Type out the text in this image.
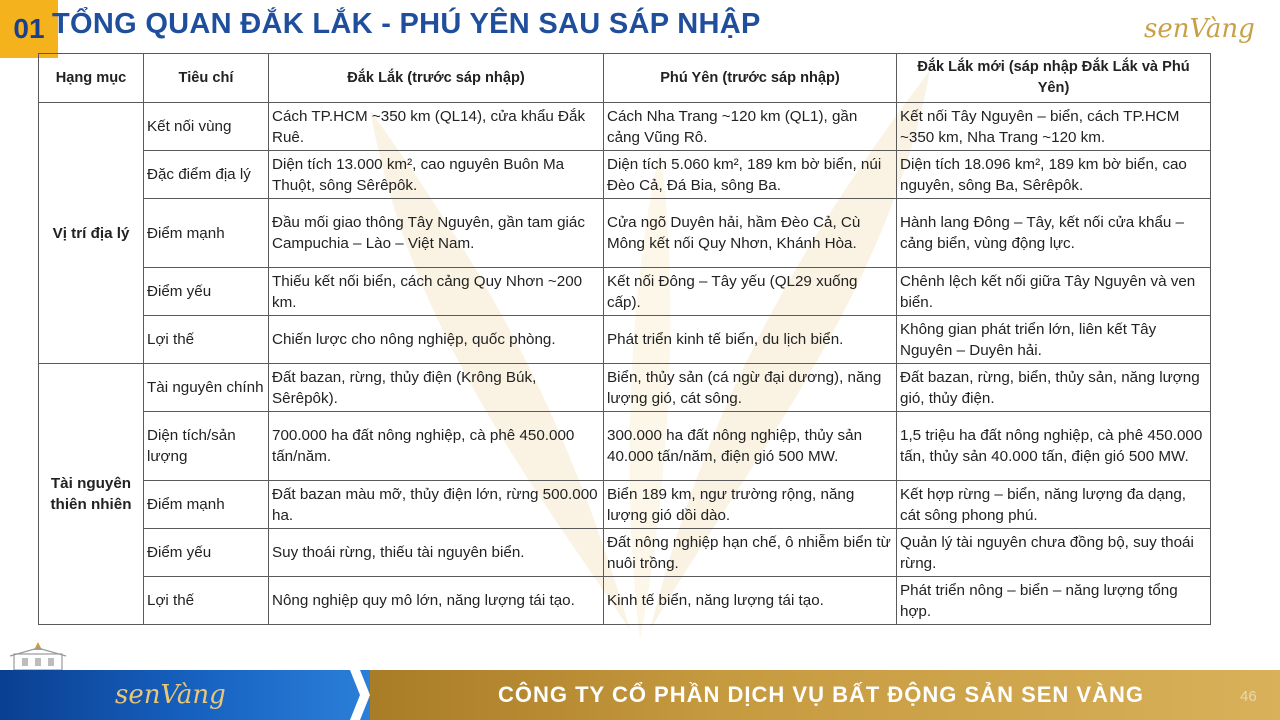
01 TỔNG QUAN ĐẮK LẮK - PHÚ YÊN SAU SÁP NHẬP	senVàng
Hạng mục	Tiêu chí	Đắk Lắk (trước sáp nhập)	Phú Yên (trước sáp nhập)	Đắk Lắk mới (sáp nhập Đắk Lắk và Phú Yên)
Vị trí địa lý	Kết nối vùng	Cách TP.HCM ~350 km (QL14), cửa khẩu Đắk Ruê.	Cách Nha Trang ~120 km (QL1), gần cảng Vũng Rô.	Kết nối Tây Nguyên – biển, cách TP.HCM ~350 km, Nha Trang ~120 km.
	Đặc điểm địa lý	Diện tích 13.000 km², cao nguyên Buôn Ma Thuột, sông Sêrêpôk.	Diện tích 5.060 km², 189 km bờ biển, núi Đèo Cả, Đá Bia, sông Ba.	Diện tích 18.096 km², 189 km bờ biển, cao nguyên, sông Ba, Sêrêpôk.
	Điểm mạnh	Đầu mối giao thông Tây Nguyên, gần tam giác Campuchia – Lào – Việt Nam.	Cửa ngõ Duyên hải, hầm Đèo Cả, Cù Mông kết nối Quy Nhơn, Khánh Hòa.	Hành lang Đông – Tây, kết nối cửa khẩu – cảng biển, vùng động lực.
	Điểm yếu	Thiếu kết nối biển, cách cảng Quy Nhơn ~200 km.	Kết nối Đông – Tây yếu (QL29 xuống cấp).	Chênh lệch kết nối giữa Tây Nguyên và ven biển.
	Lợi thế	Chiến lược cho nông nghiệp, quốc phòng.	Phát triển kinh tế biển, du lịch biển.	Không gian phát triển lớn, liên kết Tây Nguyên – Duyên hải.
Tài nguyên thiên nhiên	Tài nguyên chính	Đất bazan, rừng, thủy điện (Krông Búk, Sêrêpôk).	Biển, thủy sản (cá ngừ đại dương), năng lượng gió, cát sông.	Đất bazan, rừng, biển, thủy sản, năng lượng gió, thủy điện.
	Diện tích/sản lượng	700.000 ha đất nông nghiệp, cà phê 450.000 tấn/năm.	300.000 ha đất nông nghiệp, thủy sản 40.000 tấn/năm, điện gió 500 MW.	1,5 triệu ha đất nông nghiệp, cà phê 450.000 tấn, thủy sản 40.000 tấn, điện gió 500 MW.
	Điểm mạnh	Đất bazan màu mỡ, thủy điện lớn, rừng 500.000 ha.	Biển 189 km, ngư trường rộng, năng lượng gió dồi dào.	Kết hợp rừng – biển, năng lượng đa dạng, cát sông phong phú.
	Điểm yếu	Suy thoái rừng, thiếu tài nguyên biển.	Đất nông nghiệp hạn chế, ô nhiễm biển từ nuôi trồng.	Quản lý tài nguyên chưa đồng bộ, suy thoái rừng.
	Lợi thế	Nông nghiệp quy mô lớn, năng lượng tái tạo.	Kinh tế biển, năng lượng tái tạo.	Phát triển nông – biển – năng lượng tổng hợp.
senVàng	CÔNG TY CỔ PHẦN DỊCH VỤ BẤT ĐỘNG SẢN SEN VÀNG	46
